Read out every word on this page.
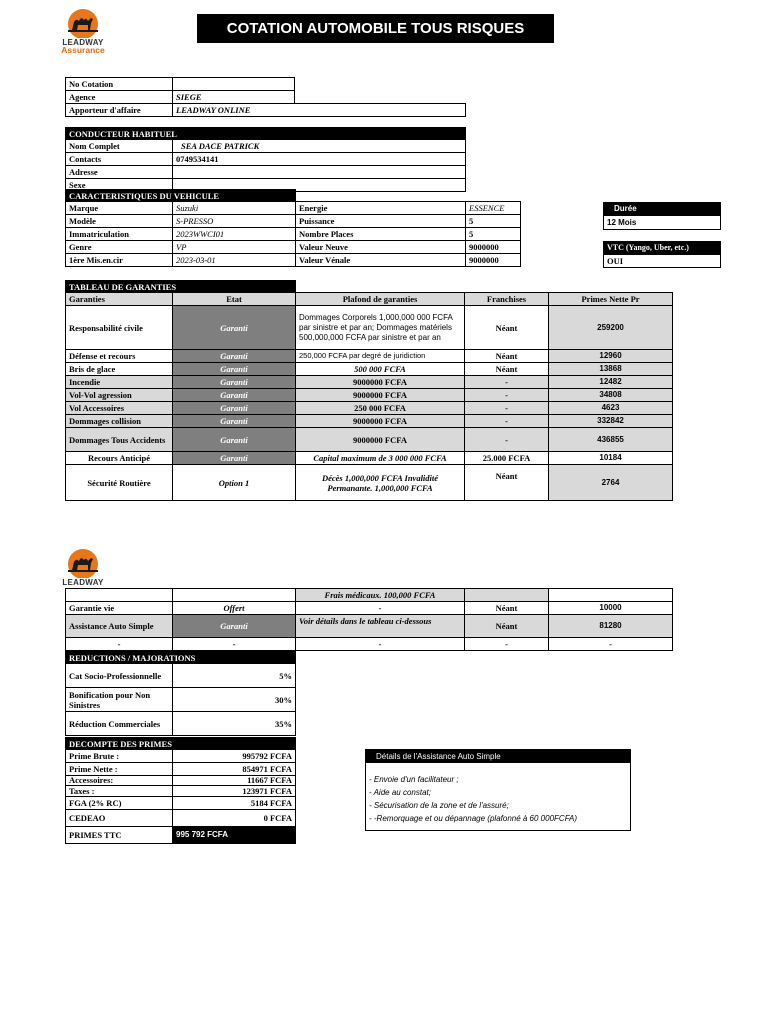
LEADWAY
Assurance
COTATION AUTOMOBILE TOUS RISQUES
No Cotation		
Agence	SIEGE	
Apporteur d'affaire	LEADWAY ONLINE	
CONDUCTEUR HABITUEL	
Nom Complet	SEA DACE PATRICK
Contacts	0749534141
Adresse	
Sexe	
CARACTERISTIQUES DU VEHICULE			
Marque	Suzuki	Energie	ESSENCE
Modèle	S-PRESSO	Puissance	5
Immatriculation	2023WWCI01	Nombre Places	5
Genre	VP	Valeur Neuve	9000000
1ère Mis.en.cir	2023-03-01	Valeur Vénale	9000000
Durée
12 Mois
VTC (Yango, Uber, etc.)
OUI
TABLEAU DE GARANTIES				
Garanties	Etat	Plafond de garanties	Franchises	Primes Nette Pr
Responsabilité civile	Garanti	Dommages Corporels 1,000,000 000 FCFA par sinistre et par an; Dommages matériels 500,000,000 FCFA par sinistre et par an	Néant	259200
Défense et recours	Garanti	250,000 FCFA par degré de juridiction	Néant	12960
Bris de glace	Garanti	500 000 FCFA	Néant	13868
Incendie	Garanti	9000000 FCFA	-	12482
Vol-Vol agression	Garanti	9000000 FCFA	-	34808
Vol Accessoires	Garanti	250 000 FCFA	-	4623
Dommages collision	Garanti	9000000 FCFA	-	332842
Dommages Tous Accidents	Garanti	9000000 FCFA	-	436855
Recours Anticipé	Garanti	Capital maximum de 3 000 000 FCFA	25.000 FCFA	10184
Sécurité Routière	Option 1	Décès 1,000,000 FCFA Invalidité Permanante. 1,000,000 FCFA	Néant	2764
LEADWAY
		Frais médicaux. 100,000 FCFA		
Garantie vie	Offert	-	Néant	10000
Assistance Auto Simple	Garanti	Voir détails dans le tableau ci-dessous	Néant	81280
-	-	-	-	-
REDUCTIONS / MAJORATIONS	
Cat Socio-Professionnelle	5%
Bonification pour Non Sinistres	30%
Réduction Commerciales	35%
DECOMPTE DES PRIMES	
Prime Brute :	995792 FCFA
Prime Nette :	854971 FCFA
Accessoires:	11667 FCFA
Taxes :	123971 FCFA
FGA (2% RC)	5184 FCFA
CEDEAO	0 FCFA
PRIMES TTC	995 792 FCFA
Détails de l'Assistance Auto Simple
- Envoie d'un facilitateur ;
- Aide au constat;
- Sécurisation de la zone et de l'assuré;
- -Remorquage et ou dépannage (plafonné à 60 000FCFA)
